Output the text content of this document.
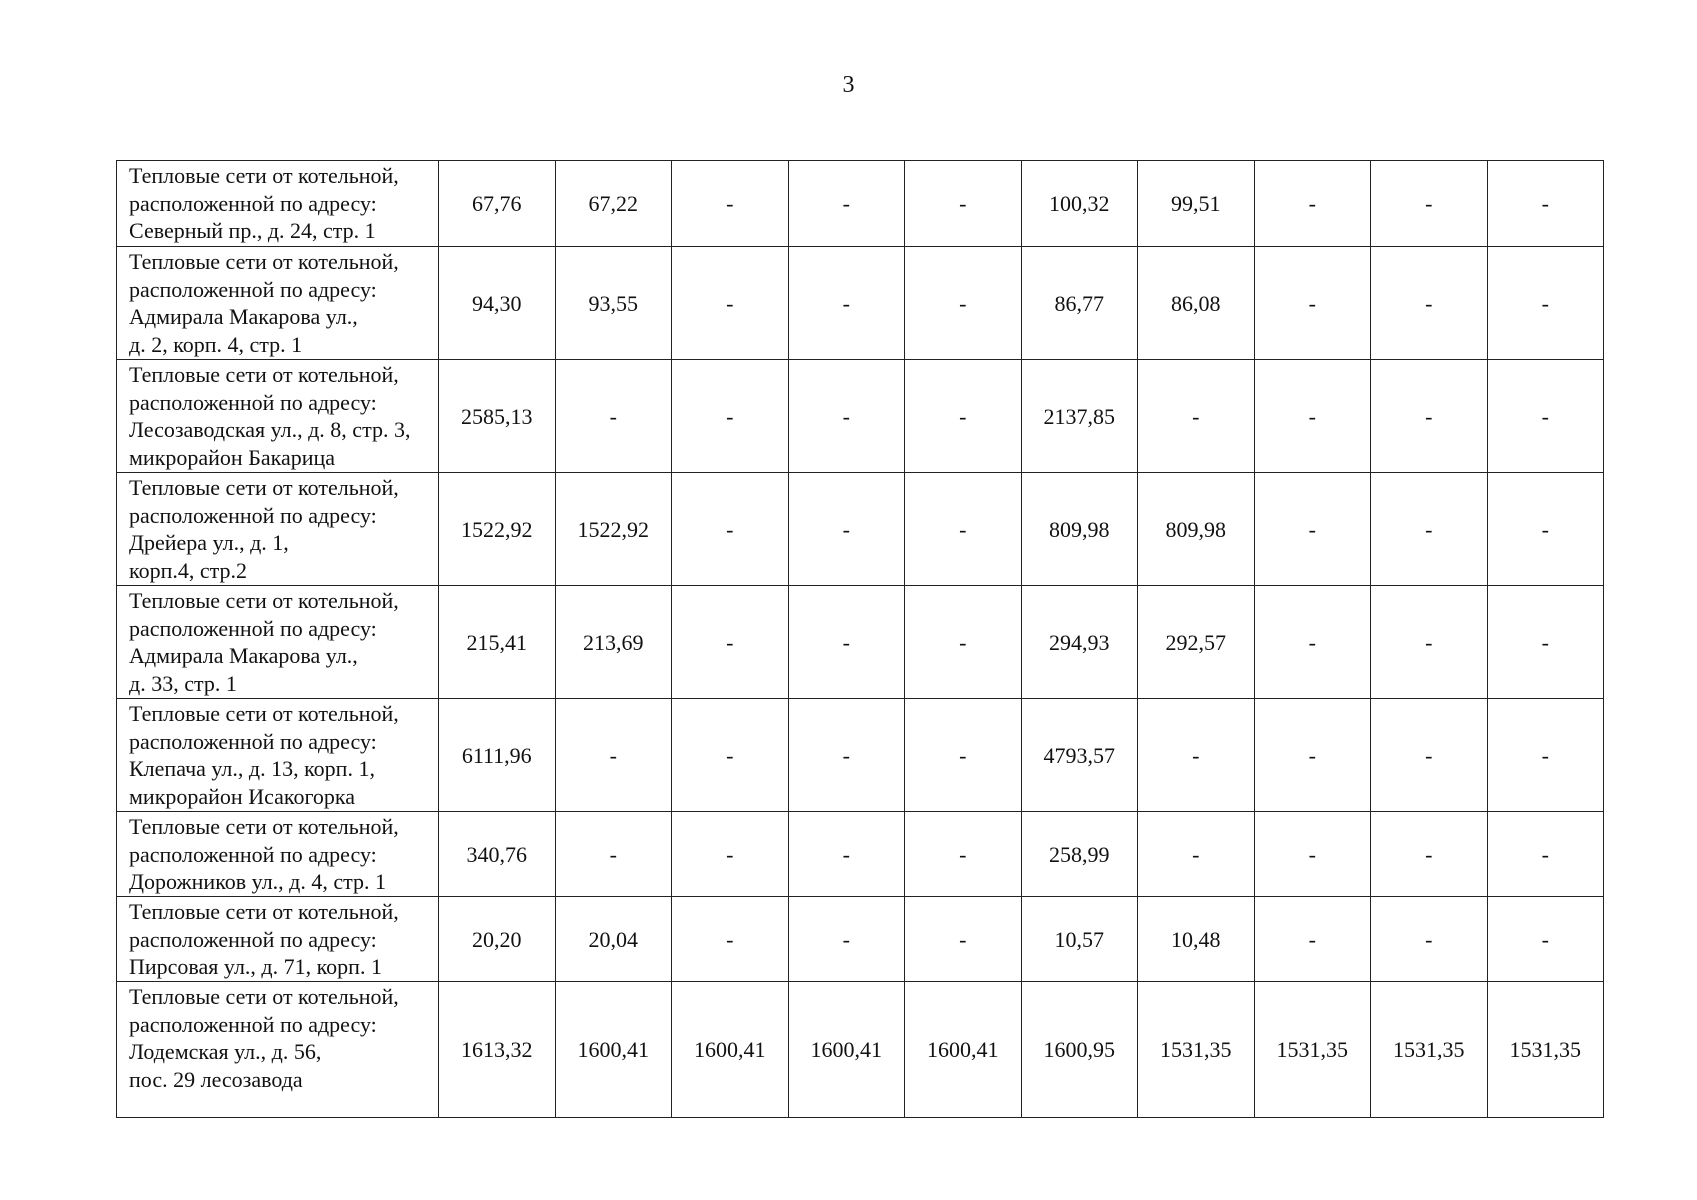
3
Тепловые сети от котельной,
расположенной по адресу:
Северный пр., д. 24, стр. 1	67,76	67,22	-	-	-	100,32	99,51	-	-	-

Тепловые сети от котельной,
расположенной по адресу:
Адмирала Макарова ул.,
д. 2, корп. 4, стр. 1	94,30	93,55	-	-	-	86,77	86,08	-	-	-

Тепловые сети от котельной,
расположенной по адресу:
Лесозаводская ул., д. 8, стр. 3,
микрорайон Бакарица	2585,13	-	-	-	-	2137,85	-	-	-	-

Тепловые сети от котельной,
расположенной по адресу:
Дрейера ул., д. 1,
корп.4, стр.2	1522,92	1522,92	-	-	-	809,98	809,98	-	-	-

Тепловые сети от котельной,
расположенной по адресу:
Адмирала Макарова ул.,
д. 33, стр. 1	215,41	213,69	-	-	-	294,93	292,57	-	-	-

Тепловые сети от котельной,
расположенной по адресу:
Клепача ул., д. 13, корп. 1,
микрорайон Исакогорка	6111,96	-	-	-	-	4793,57	-	-	-	-

Тепловые сети от котельной,
расположенной по адресу:
Дорожников ул., д. 4, стр. 1	340,76	-	-	-	-	258,99	-	-	-	-

Тепловые сети от котельной,
расположенной по адресу:
Пирсовая ул., д. 71, корп. 1	20,20	20,04	-	-	-	10,57	10,48	-	-	-

Тепловые сети от котельной,
расположенной по адресу:
Лодемская ул., д. 56,
пос. 29 лесозавода	1613,32	1600,41	1600,41	1600,41	1600,41	1600,95	1531,35	1531,35	1531,35	1531,35
